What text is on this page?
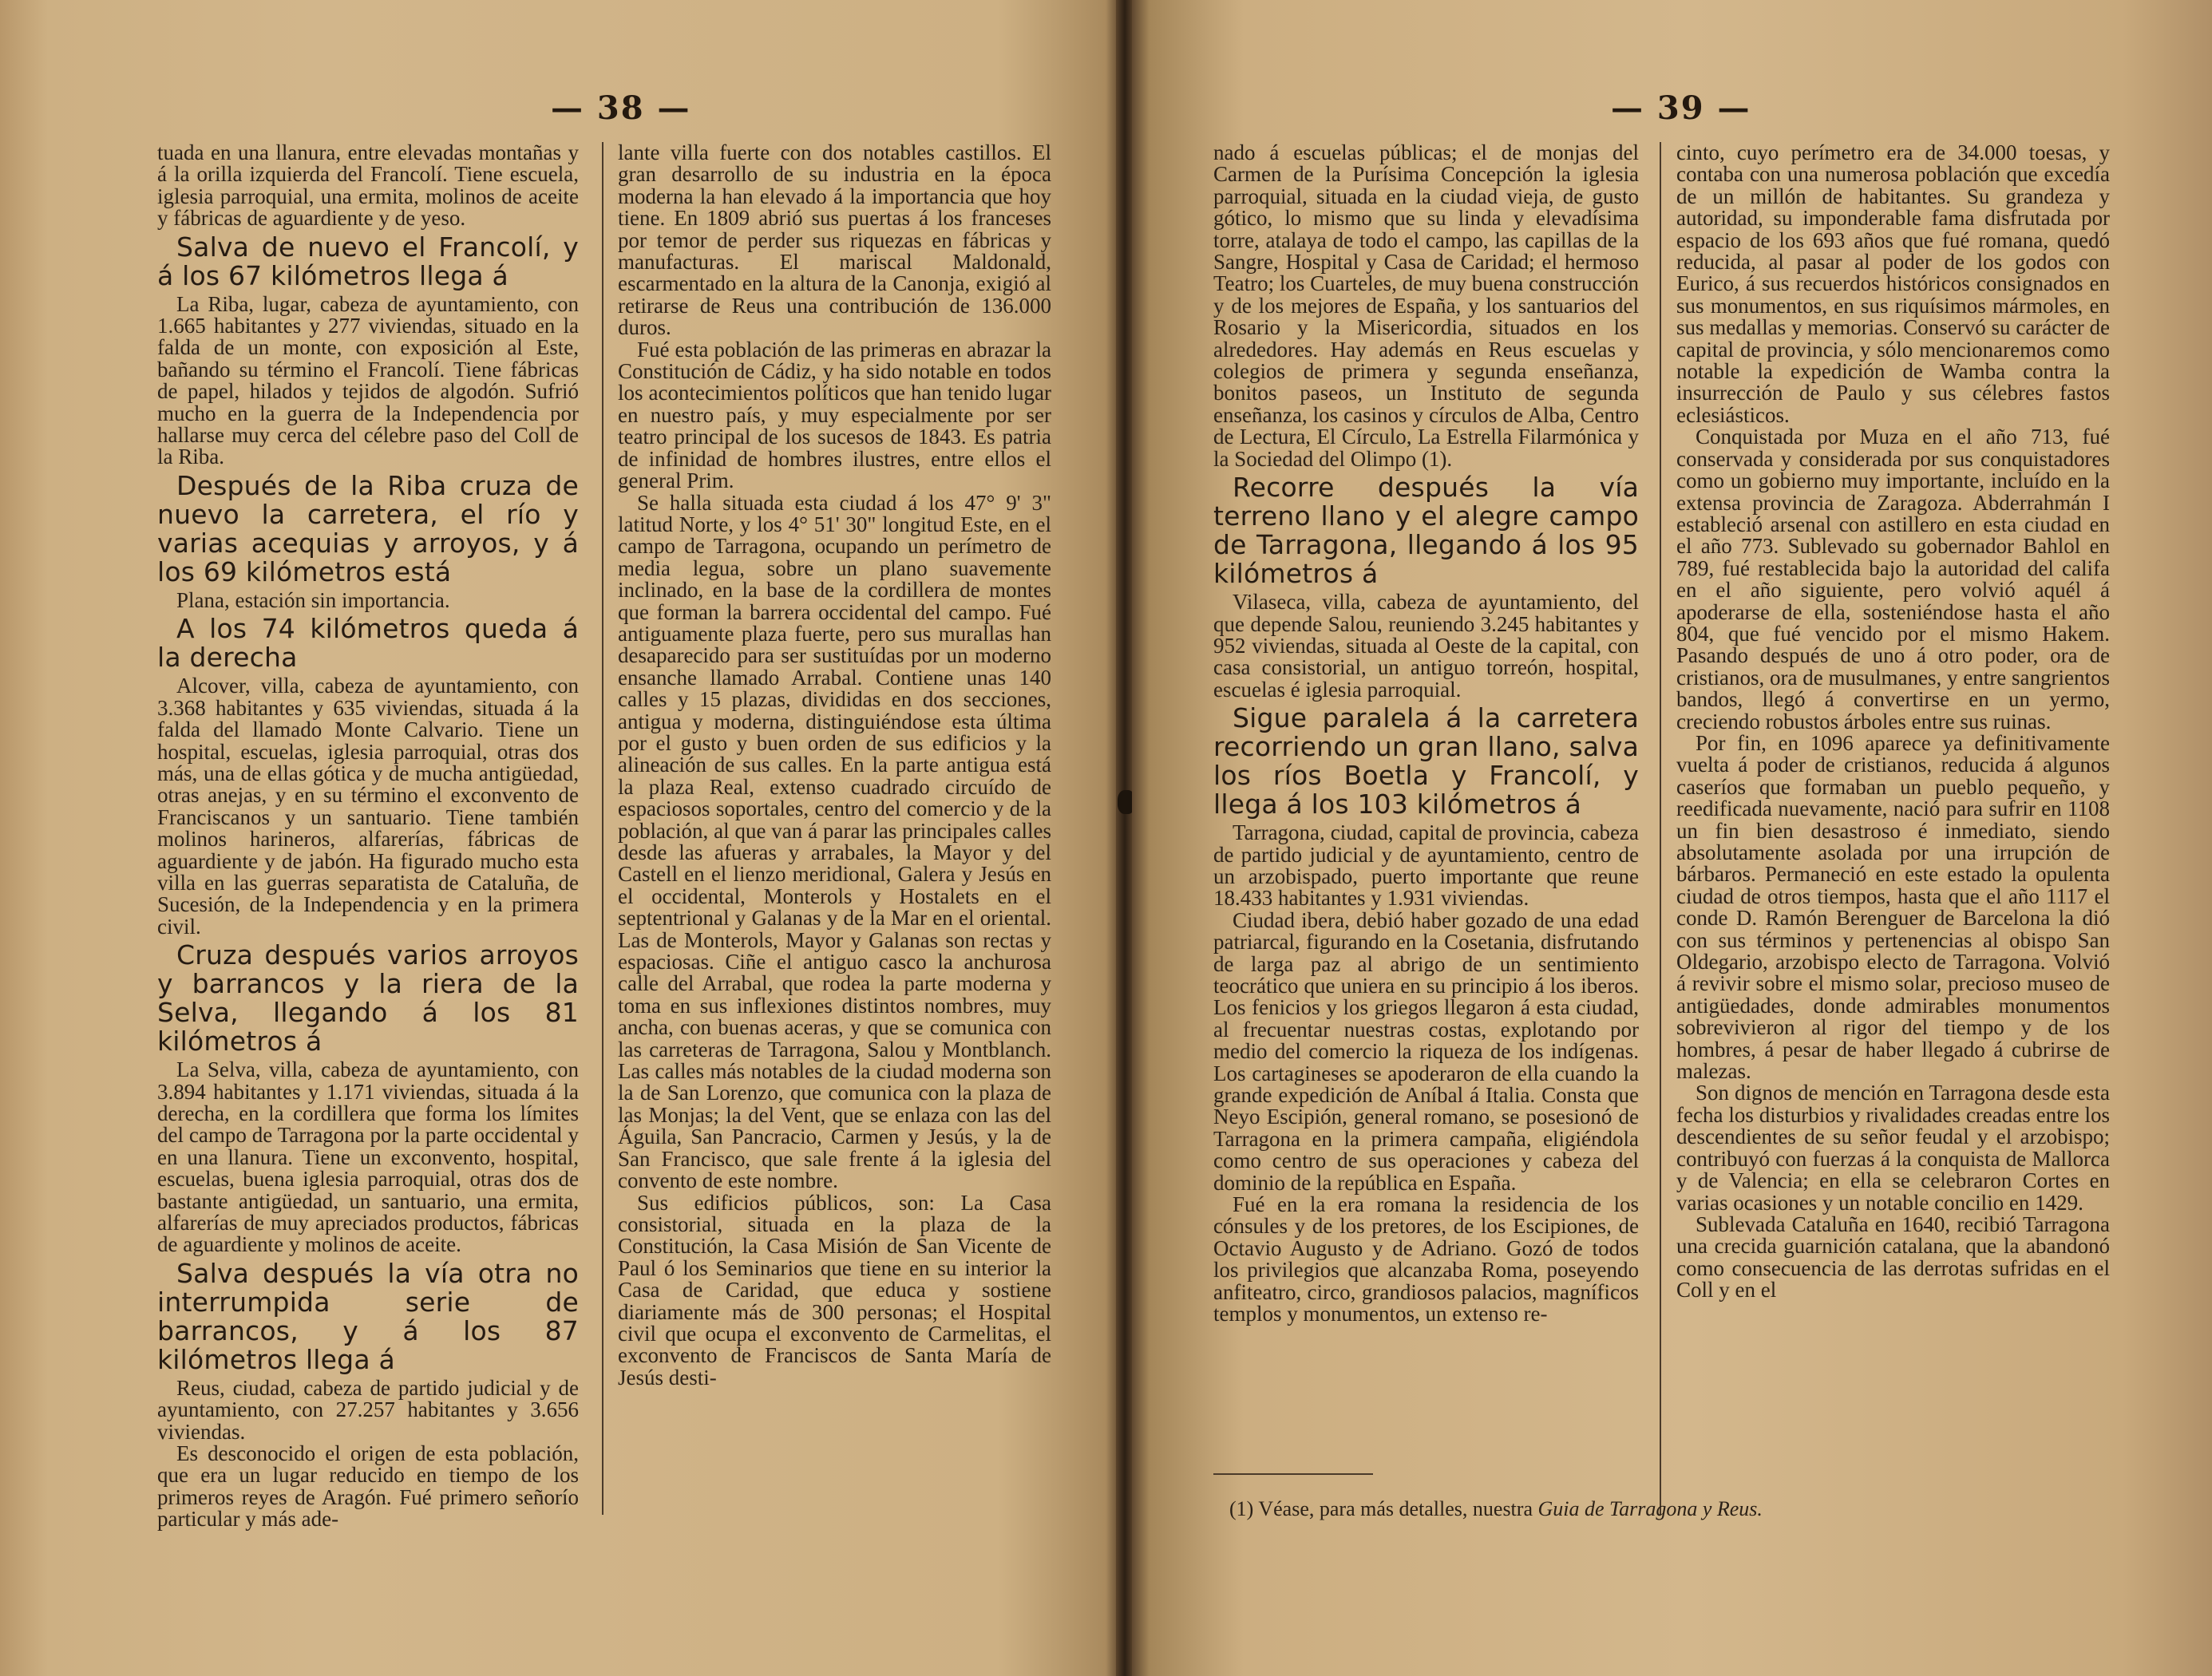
— 38 —

tuada en una llanura, entre elevadas montañas y á la orilla izquierda del Francolí. Tiene escuela, iglesia parroquial, una ermita, molinos de aceite y fábricas de aguardiente y de yeso.

Salva de nuevo el Francolí, y á los 67 kilómetros llega á

La Riba, lugar, cabeza de ayuntamiento, con 1.665 habitantes y 277 viviendas, situado en la falda de un monte, con exposición al Este, bañando su término el Francolí. Tiene fábricas de papel, hilados y tejidos de algodón. Sufrió mucho en la guerra de la Independencia por hallarse muy cerca del célebre paso del Coll de la Riba.

Después de la Riba cruza de nuevo la carretera, el río y varias acequias y arroyos, y á los 69 kilómetros está

Plana, estación sin importancia.

A los 74 kilómetros queda á la derecha

Alcover, villa, cabeza de ayuntamiento, con 3.368 habitantes y 635 viviendas, situada á la falda del llamado Monte Calvario. Tiene un hospital, escuelas, iglesia parroquial, otras dos más, una de ellas gótica y de mucha antigüedad, otras anejas, y en su término el exconvento de Franciscanos y un santuario. Tiene también molinos harineros, alfarerías, fábricas de aguardiente y de jabón. Ha figurado mucho esta villa en las guerras separatista de Cataluña, de Sucesión, de la Independencia y en la primera civil.

Cruza después varios arroyos y barrancos y la riera de la Selva, llegando á los 81 kilómetros á

La Selva, villa, cabeza de ayuntamiento, con 3.894 habitantes y 1.171 viviendas, situada á la derecha, en la cordillera que forma los límites del campo de Tarragona por la parte occidental y en una llanura. Tiene un exconvento, hospital, escuelas, buena iglesia parroquial, otras dos de bastante antigüedad, un santuario, una ermita, alfarerías de muy apreciados productos, fábricas de aguardiente y molinos de aceite.

Salva después la vía otra no interrumpida serie de barrancos, y á los 87 kilómetros llega á

Reus, ciudad, cabeza de partido judicial y de ayuntamiento, con 27.257 habitantes y 3.656 viviendas.

Es desconocido el origen de esta población, que era un lugar reducido en tiempo de los primeros reyes de Aragón. Fué primero señorío particular y más ade-

lante villa fuerte con dos notables castillos. El gran desarrollo de su industria en la época moderna la han elevado á la importancia que hoy tiene. En 1809 abrió sus puertas á los franceses por temor de perder sus riquezas en fábricas y manufacturas. El mariscal Maldonald, escarmentado en la altura de la Canonja, exigió al retirarse de Reus una contribución de 136.000 duros.

Fué esta población de las primeras en abrazar la Constitución de Cádiz, y ha sido notable en todos los acontecimientos políticos que han tenido lugar en nuestro país, y muy especialmente por ser teatro principal de los sucesos de 1843. Es patria de infinidad de hombres ilustres, entre ellos el general Prim.

Se halla situada esta ciudad á los 47° 9' 3" latitud Norte, y los 4° 51' 30" longitud Este, en el campo de Tarragona, ocupando un perímetro de media legua, sobre un plano suavemente inclinado, en la base de la cordillera de montes que forman la barrera occidental del campo. Fué antiguamente plaza fuerte, pero sus murallas han desaparecido para ser sustituídas por un moderno ensanche llamado Arrabal. Contiene unas 140 calles y 15 plazas, divididas en dos secciones, antigua y moderna, distinguiéndose esta última por el gusto y buen orden de sus edificios y la alineación de sus calles. En la parte antigua está la plaza Real, extenso cuadrado circuído de espaciosos soportales, centro del comercio y de la población, al que van á parar las principales calles desde las afueras y arrabales, la Mayor y del Castell en el lienzo meridional, Galera y Jesús en el occidental, Monterols y Hostalets en el septentrional y Galanas y de la Mar en el oriental. Las de Monterols, Mayor y Galanas son rectas y espaciosas. Ciñe el antiguo casco la anchurosa calle del Arrabal, que rodea la parte moderna y toma en sus inflexiones distintos nombres, muy ancha, con buenas aceras, y que se comunica con las carreteras de Tarragona, Salou y Montblanch. Las calles más notables de la ciudad moderna son la de San Lorenzo, que comunica con la plaza de las Monjas; la del Vent, que se enlaza con las del Águila, San Pancracio, Carmen y Jesús, y la de San Francisco, que sale frente á la iglesia del convento de este nombre.

Sus edificios públicos, son: La Casa consistorial, situada en la plaza de la Constitución, la Casa Misión de San Vicente de Paul ó los Seminarios que tiene en su interior la Casa de Caridad, que educa y sostiene diariamente más de 300 personas; el Hospital civil que ocupa el exconvento de Carmelitas, el exconvento de Franciscos de Santa María de Jesús desti-

— 39 —

nado á escuelas públicas; el de monjas del Carmen de la Purísima Concepción la iglesia parroquial, situada en la ciudad vieja, de gusto gótico, lo mismo que su linda y elevadísima torre, atalaya de todo el campo, las capillas de la Sangre, Hospital y Casa de Caridad; el hermoso Teatro; los Cuarteles, de muy buena construcción y de los mejores de España, y los santuarios del Rosario y la Misericordia, situados en los alrededores. Hay además en Reus escuelas y colegios de primera y segunda enseñanza, bonitos paseos, un Instituto de segunda enseñanza, los casinos y círculos de Alba, Centro de Lectura, El Círculo, La Estrella Filarmónica y la Sociedad del Olimpo (1).

Recorre después la vía terreno llano y el alegre campo de Tarragona, llegando á los 95 kilómetros á

Vilaseca, villa, cabeza de ayuntamiento, del que depende Salou, reuniendo 3.245 habitantes y 952 viviendas, situada al Oeste de la capital, con casa consistorial, un antiguo torreón, hospital, escuelas é iglesia parroquial.

Sigue paralela á la carretera recorriendo un gran llano, salva los ríos Boetla y Francolí, y llega á los 103 kilómetros á

Tarragona, ciudad, capital de provincia, cabeza de partido judicial y de ayuntamiento, centro de un arzobispado, puerto importante que reune 18.433 habitantes y 1.931 viviendas.

Ciudad ibera, debió haber gozado de una edad patriarcal, figurando en la Cosetania, disfrutando de larga paz al abrigo de un sentimiento teocrático que uniera en su principio á los iberos. Los fenicios y los griegos llegaron á esta ciudad, al frecuentar nuestras costas, explotando por medio del comercio la riqueza de los indígenas. Los cartagineses se apoderaron de ella cuando la grande expedición de Aníbal á Italia. Consta que Neyo Escipión, general romano, se posesionó de Tarragona en la primera campaña, eligiéndola como centro de sus operaciones y cabeza del dominio de la república en España.

Fué en la era romana la residencia de los cónsules y de los pretores, de los Escipiones, de Octavio Augusto y de Adriano. Gozó de todos los privilegios que alcanzaba Roma, poseyendo anfiteatro, circo, grandiosos palacios, magníficos templos y monumentos, un extenso re-

cinto, cuyo perímetro era de 34.000 toesas, y contaba con una numerosa población que excedía de un millón de habitantes. Su grandeza y autoridad, su imponderable fama disfrutada por espacio de los 693 años que fué romana, quedó reducida, al pasar al poder de los godos con Eurico, á sus recuerdos históricos consignados en sus monumentos, en sus riquísimos mármoles, en sus medallas y memorias. Conservó su carácter de capital de provincia, y sólo mencionaremos como notable la expedición de Wamba contra la insurrección de Paulo y sus célebres fastos eclesiásticos.

Conquistada por Muza en el año 713, fué conservada y considerada por sus conquistadores como un gobierno muy importante, incluído en la extensa provincia de Zaragoza. Abderrahmán I estableció arsenal con astillero en esta ciudad en el año 773. Sublevado su gobernador Bahlol en 789, fué restablecida bajo la autoridad del califa en el año siguiente, pero volvió aquél á apoderarse de ella, sosteniéndose hasta el año 804, que fué vencido por el mismo Hakem. Pasando después de uno á otro poder, ora de cristianos, ora de musulmanes, y entre sangrientos bandos, llegó á convertirse en un yermo, creciendo robustos árboles entre sus ruinas.

Por fin, en 1096 aparece ya definitivamente vuelta á poder de cristianos, reducida á algunos caseríos que formaban un pueblo pequeño, y reedificada nuevamente, nació para sufrir en 1108 un fin bien desastroso é inmediato, siendo absolutamente asolada por una irrupción de bárbaros. Permaneció en este estado la opulenta ciudad de otros tiempos, hasta que el año 1117 el conde D. Ramón Berenguer de Barcelona la dió con sus términos y pertenencias al obispo San Oldegario, arzobispo electo de Tarragona. Volvió á revivir sobre el mismo solar, precioso museo de antigüedades, donde admirables monumentos sobrevivieron al rigor del tiempo y de los hombres, á pesar de haber llegado á cubrirse de malezas.

Son dignos de mención en Tarragona desde esta fecha los disturbios y rivalidades creadas entre los descendientes de su señor feudal y el arzobispo; contribuyó con fuerzas á la conquista de Mallorca y de Valencia; en ella se celebraron Cortes en varias ocasiones y un notable concilio en 1429.

Sublevada Cataluña en 1640, recibió Tarragona una crecida guarnición catalana, que la abandonó como consecuencia de las derrotas sufridas en el Coll y en el

(1) Véase, para más detalles, nuestra Guia de Tarragona y Reus.
